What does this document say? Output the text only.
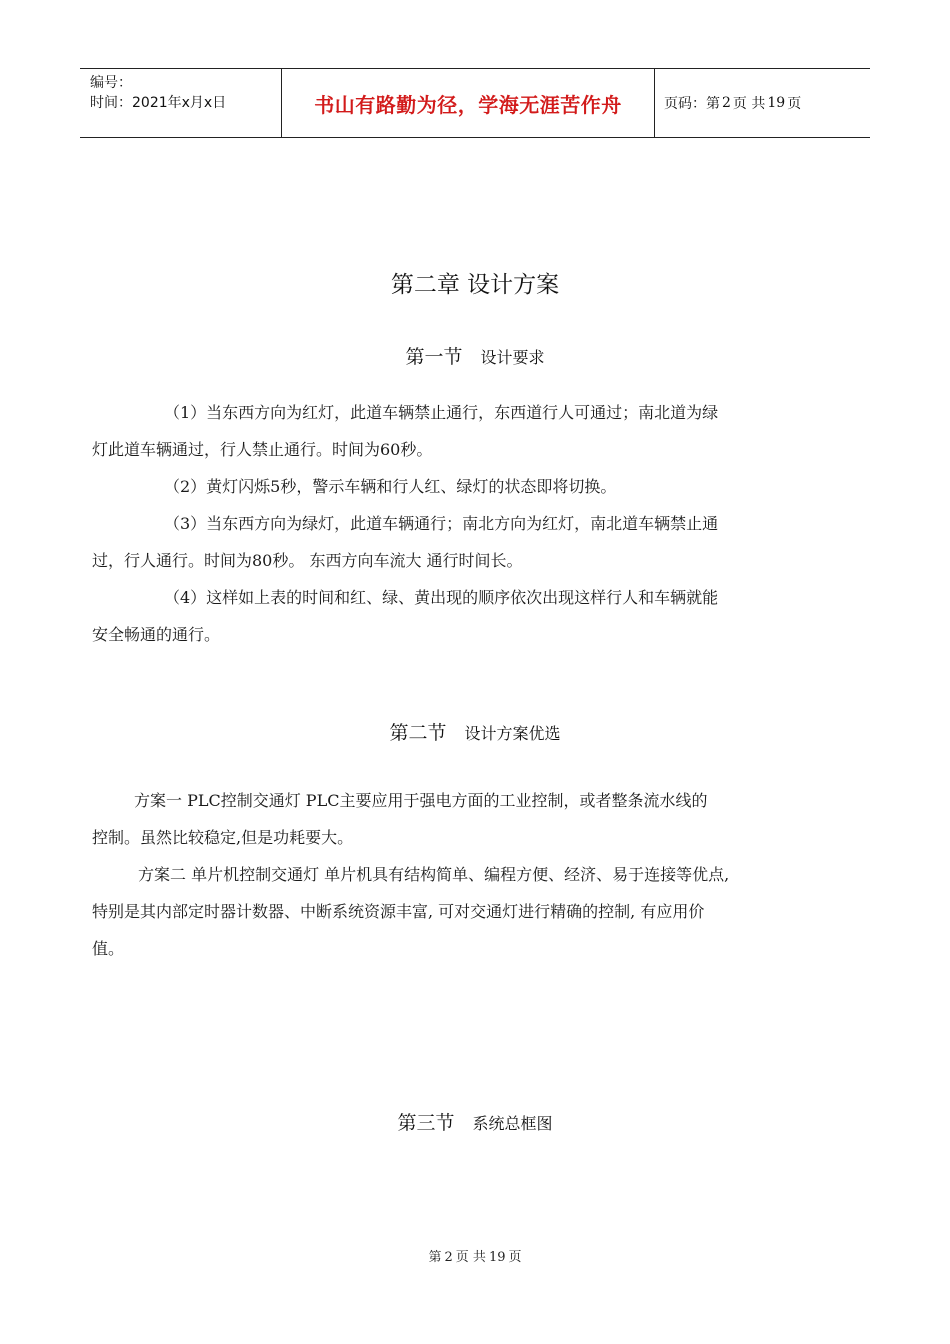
编号：
时间：2021年x月x日	书山有路勤为径，学海无涯苦作舟	页码：第 2 页 共 19 页
第二章 设计方案
第一节 设计要求
（1）当东西方向为红灯，此道车辆禁止通行，东西道行人可通过；南北道为绿
灯此道车辆通过，行人禁止通行。时间为60秒。
（2）黄灯闪烁5秒，警示车辆和行人红、绿灯的状态即将切换。
（3）当东西方向为绿灯，此道车辆通行；南北方向为红灯，南北道车辆禁止通
过，行人通行。时间为80秒。 东西方向车流大 通行时间长。
（4）这样如上表的时间和红、绿、黄出现的顺序依次出现这样行人和车辆就能
安全畅通的通行。
第二节 设计方案优选
方案一 PLC控制交通灯 PLC主要应用于强电方面的工业控制，或者整条流水线的
控制。虽然比较稳定,但是功耗要大。
方案二 单片机控制交通灯 单片机具有结构简单、编程方便、经济、易于连接等优点,
特别是其内部定时器计数器、中断系统资源丰富, 可对交通灯进行精确的控制, 有应用价
值。
第三节 系统总框图
第 2 页 共 19 页
